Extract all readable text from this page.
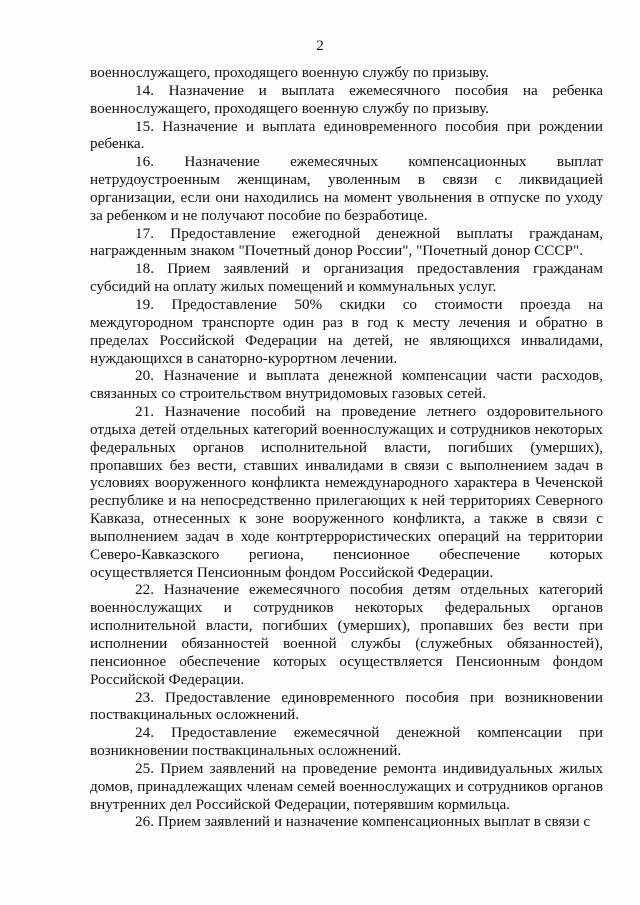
2

военнослужащего, проходящего военную службу по призыву.

14. Назначение и выплата ежемесячного пособия на ребенка военнослужащего, проходящего военную службу по призыву.

15. Назначение и выплата единовременного пособия при рождении ребенка.

16. Назначение ежемесячных компенсационных выплат нетрудоустроенным женщинам, уволенным в связи с ликвидацией организации, если они находились на момент увольнения в отпуске по уходу за ребенком и не получают пособие по безработице.

17. Предоставление ежегодной денежной выплаты гражданам, награжденным знаком "Почетный донор России", "Почетный донор СССР".

18. Прием заявлений и организация предоставления гражданам субсидий на оплату жилых помещений и коммунальных услуг.

19. Предоставление 50% скидки со стоимости проезда на междугородном транспорте один раз в год к месту лечения и обратно в пределах Российской Федерации на детей, не являющихся инвалидами, нуждающихся в санаторно-курортном лечении.

20. Назначение и выплата денежной компенсации части расходов, связанных со строительством внутридомовых газовых сетей.

21. Назначение пособий на проведение летнего оздоровительного отдыха детей отдельных категорий военнослужащих и сотрудников некоторых федеральных органов исполнительной власти, погибших (умерших), пропавших без вести, ставших инвалидами в связи с выполнением задач в условиях вооруженного конфликта немеждународного характера в Чеченской республике и на непосредственно прилегающих к ней территориях Северного Кавказа, отнесенных к зоне вооруженного конфликта, а также в связи с выполнением задач в ходе контртеррористических операций на территории Северо-Кавказского региона, пенсионное обеспечение которых осуществляется Пенсионным фондом Российской Федерации.

22. Назначение ежемесячного пособия детям отдельных категорий военнослужащих и сотрудников некоторых федеральных органов исполнительной власти, погибших (умерших), пропавших без вести при исполнении обязанностей военной службы (служебных обязанностей), пенсионное обеспечение которых осуществляется Пенсионным фондом Российской Федерации.

23. Предоставление единовременного пособия при возникновении поствакцинальных осложнений.

24. Предоставление ежемесячной денежной компенсации при возникновении поствакцинальных осложнений.

25. Прием заявлений на проведение ремонта индивидуальных жилых домов, принадлежащих членам семей военнослужащих и сотрудников органов внутренних дел Российской Федерации, потерявшим кормильца.

26. Прием заявлений и назначение компенсационных выплат в связи с
